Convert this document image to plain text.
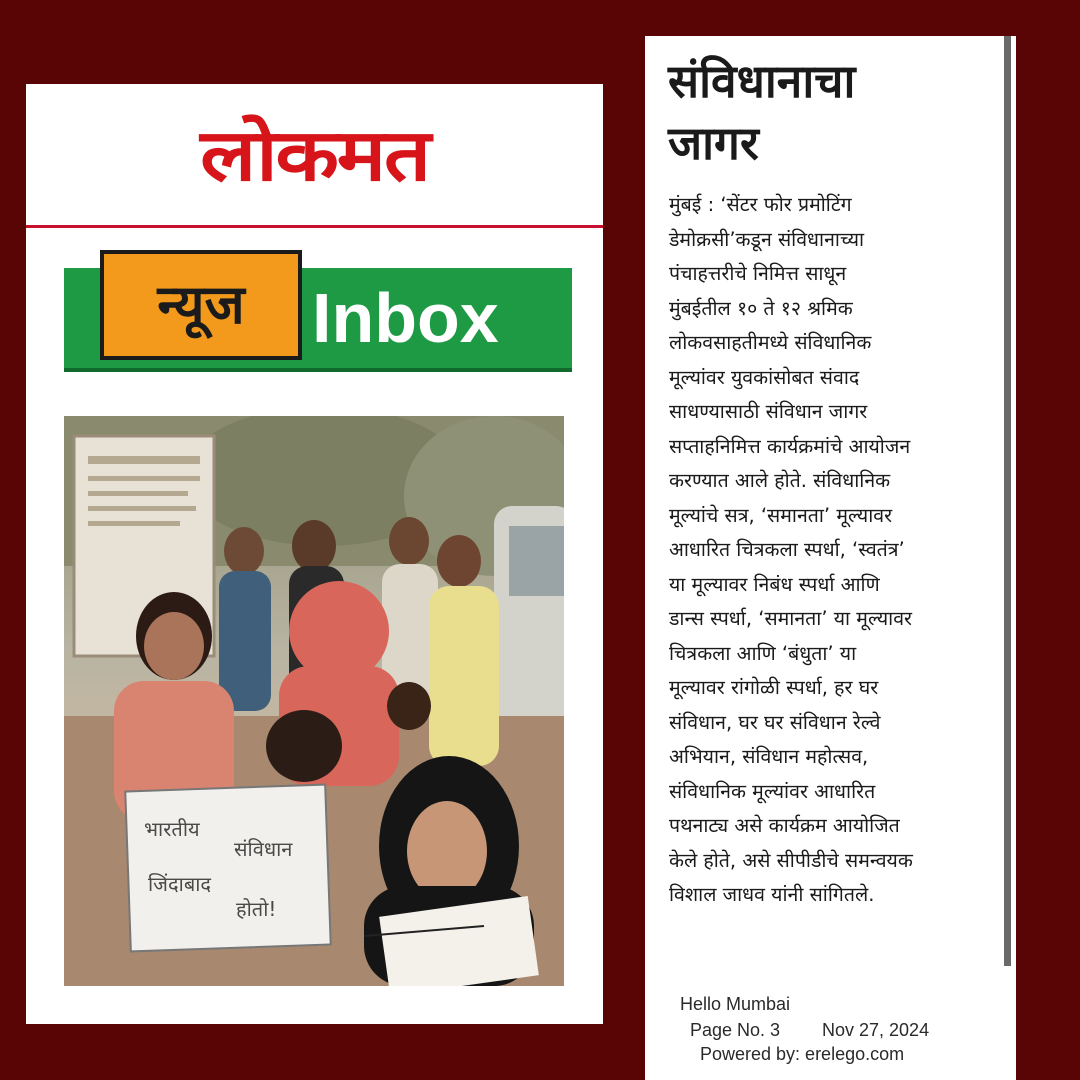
लोकमत
न्यूज Inbox
भारतीय
संविधान
जिंदाबाद
होतो!
संविधानाचा
जागर
मुंबई : ‘सेंटर फोर प्रमोटिंग
डेमोक्रसी’कडून संविधानाच्या
पंचाहत्तरीचे निमित्त साधून
मुंबईतील १० ते १२ श्रमिक
लोकवसाहतीमध्ये संविधानिक
मूल्यांवर युवकांसोबत संवाद
साधण्यासाठी संविधान जागर
सप्ताहनिमित्त कार्यक्रमांचे आयोजन
करण्यात आले होते. संविधानिक
मूल्यांचे सत्र, ‘समानता’ मूल्यावर
आधारित चित्रकला स्पर्धा, ‘स्वतंत्र’
या मूल्यावर निबंध स्पर्धा आणि
डान्स स्पर्धा, ‘समानता’ या मूल्यावर
चित्रकला आणि ‘बंधुता’ या
मूल्यावर रांगोळी स्पर्धा, हर घर
संविधान, घर घर संविधान रेल्वे
अभियान, संविधान महोत्सव,
संविधानिक मूल्यांवर आधारित
पथनाट्य असे कार्यक्रम आयोजित
केले होते, असे सीपीडीचे समन्वयक
विशाल जाधव यांनी सांगितले.
Hello Mumbai
Page No. 3 Nov 27, 2024
Powered by: erelego.com
